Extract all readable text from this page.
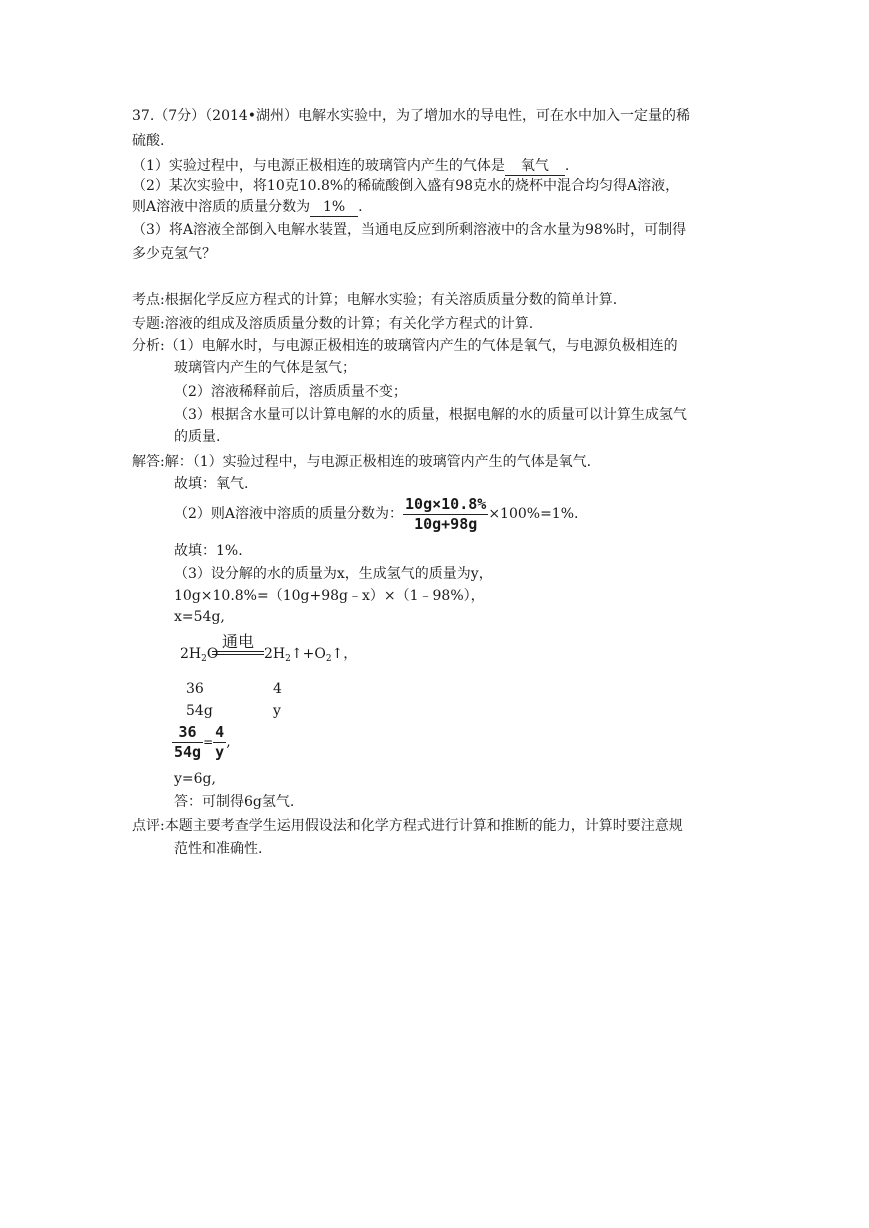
37.（7分）（2014•湖州）电解水实验中，为了增加水的导电性，可在水中加入一定量的稀
硫酸.
（1）实验过程中，与电源正极相连的玻璃管内产生的气体是 氧气 .
（2）某次实验中，将10克10.8%的稀硫酸倒入盛有98克水的烧杯中混合均匀得A溶液，
则A溶液中溶质的质量分数为 1% .
（3）将A溶液全部倒入电解水装置，当通电反应到所剩溶液中的含水量为98%时，可制得
多少克氢气？
考点:根据化学反应方程式的计算；电解水实验；有关溶质质量分数的简单计算.
专题:溶液的组成及溶质质量分数的计算；有关化学方程式的计算.
分析:（1）电解水时，与电源正极相连的玻璃管内产生的气体是氧气，与电源负极相连的
玻璃管内产生的气体是氢气；
（2）溶液稀释前后，溶质质量不变；
（3）根据含水量可以计算电解的水的质量，根据电解的水的质量可以计算生成氢气
的质量.
解答:解：（1）实验过程中，与电源正极相连的玻璃管内产生的气体是氧气.
故填：氧气.
（2）则A溶液中溶质的质量分数为： $\frac{10g\times 10.8\%}{10g+98g} \times 100\%=1\%$.
故填：1%.
（3）设分解的水的质量为x，生成氢气的质量为y，
10g×10.8%=（10g+98g﹣x）×（1﹣98%），
x=54g,
$2H_2O$
通电
$2H_2↑+O_2↑$，
36	4
54g	y
$\frac{36}{54g} = \frac{4}{y}$ ,
y=6g,
答：可制得6g氢气.
点评:本题主要考查学生运用假设法和化学方程式进行计算和推断的能力，计算时要注意规
范性和准确性.
